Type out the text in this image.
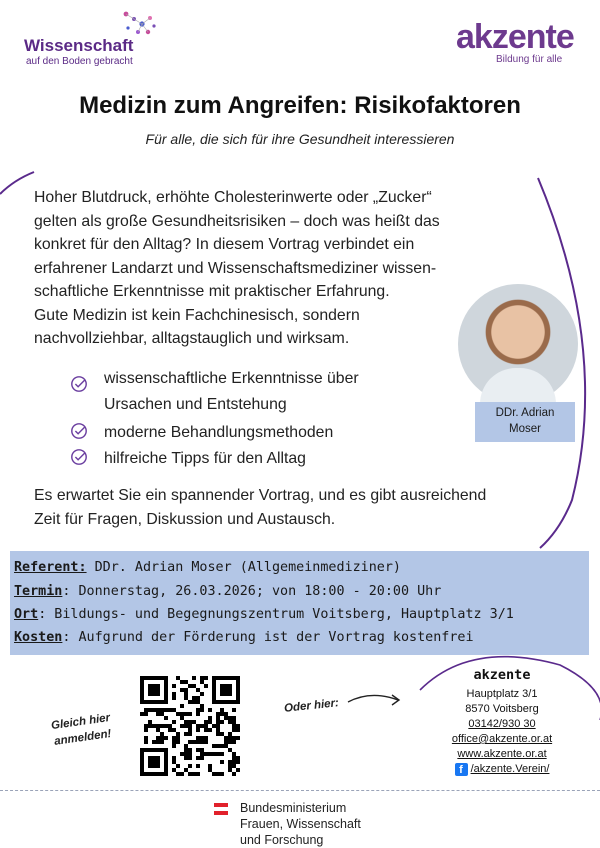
Wissenschaft
auf den Boden gebracht
akzente
Bildung für alle
Medizin zum Angreifen: Risikofaktoren
Für alle, die sich für ihre Gesundheit interessieren
Hoher Blutdruck, erhöhte Cholesterinwerte oder „Zucker“
gelten als große Gesundheitsrisiken – doch was heißt das
konkret für den Alltag? In diesem Vortrag verbindet ein
erfahrener Landarzt und Wissenschaftsmediziner wissen-
schaftliche Erkenntnisse mit praktischer Erfahrung.
Gute Medizin ist kein Fachchinesisch, sondern
nachvollziehbar, alltagstauglich und wirksam.
wissenschaftliche Erkenntnisse über
Ursachen und Entstehung
moderne Behandlungsmethoden
hilfreiche Tipps für den Alltag
DDr. Adrian
Moser
Es erwartet Sie ein spannender Vortrag, und es gibt ausreichend
Zeit für Fragen, Diskussion und Austausch.
Referent: DDr. Adrian Moser (Allgemeinmediziner)
Termin: Donnerstag, 26.03.2026; von 18:00 - 20:00 Uhr
Ort: Bildungs- und Begegnungszentrum Voitsberg, Hauptplatz 3/1
Kosten: Aufgrund der Förderung ist der Vortrag kostenfrei
Gleich hier
anmelden!
Oder hier:
akzente
Hauptplatz 3/1
8570 Voitsberg
03142/930 30
office@akzente.or.at
www.akzente.or.at
f /akzente.Verein/
Bundesministerium
Frauen, Wissenschaft
und Forschung
